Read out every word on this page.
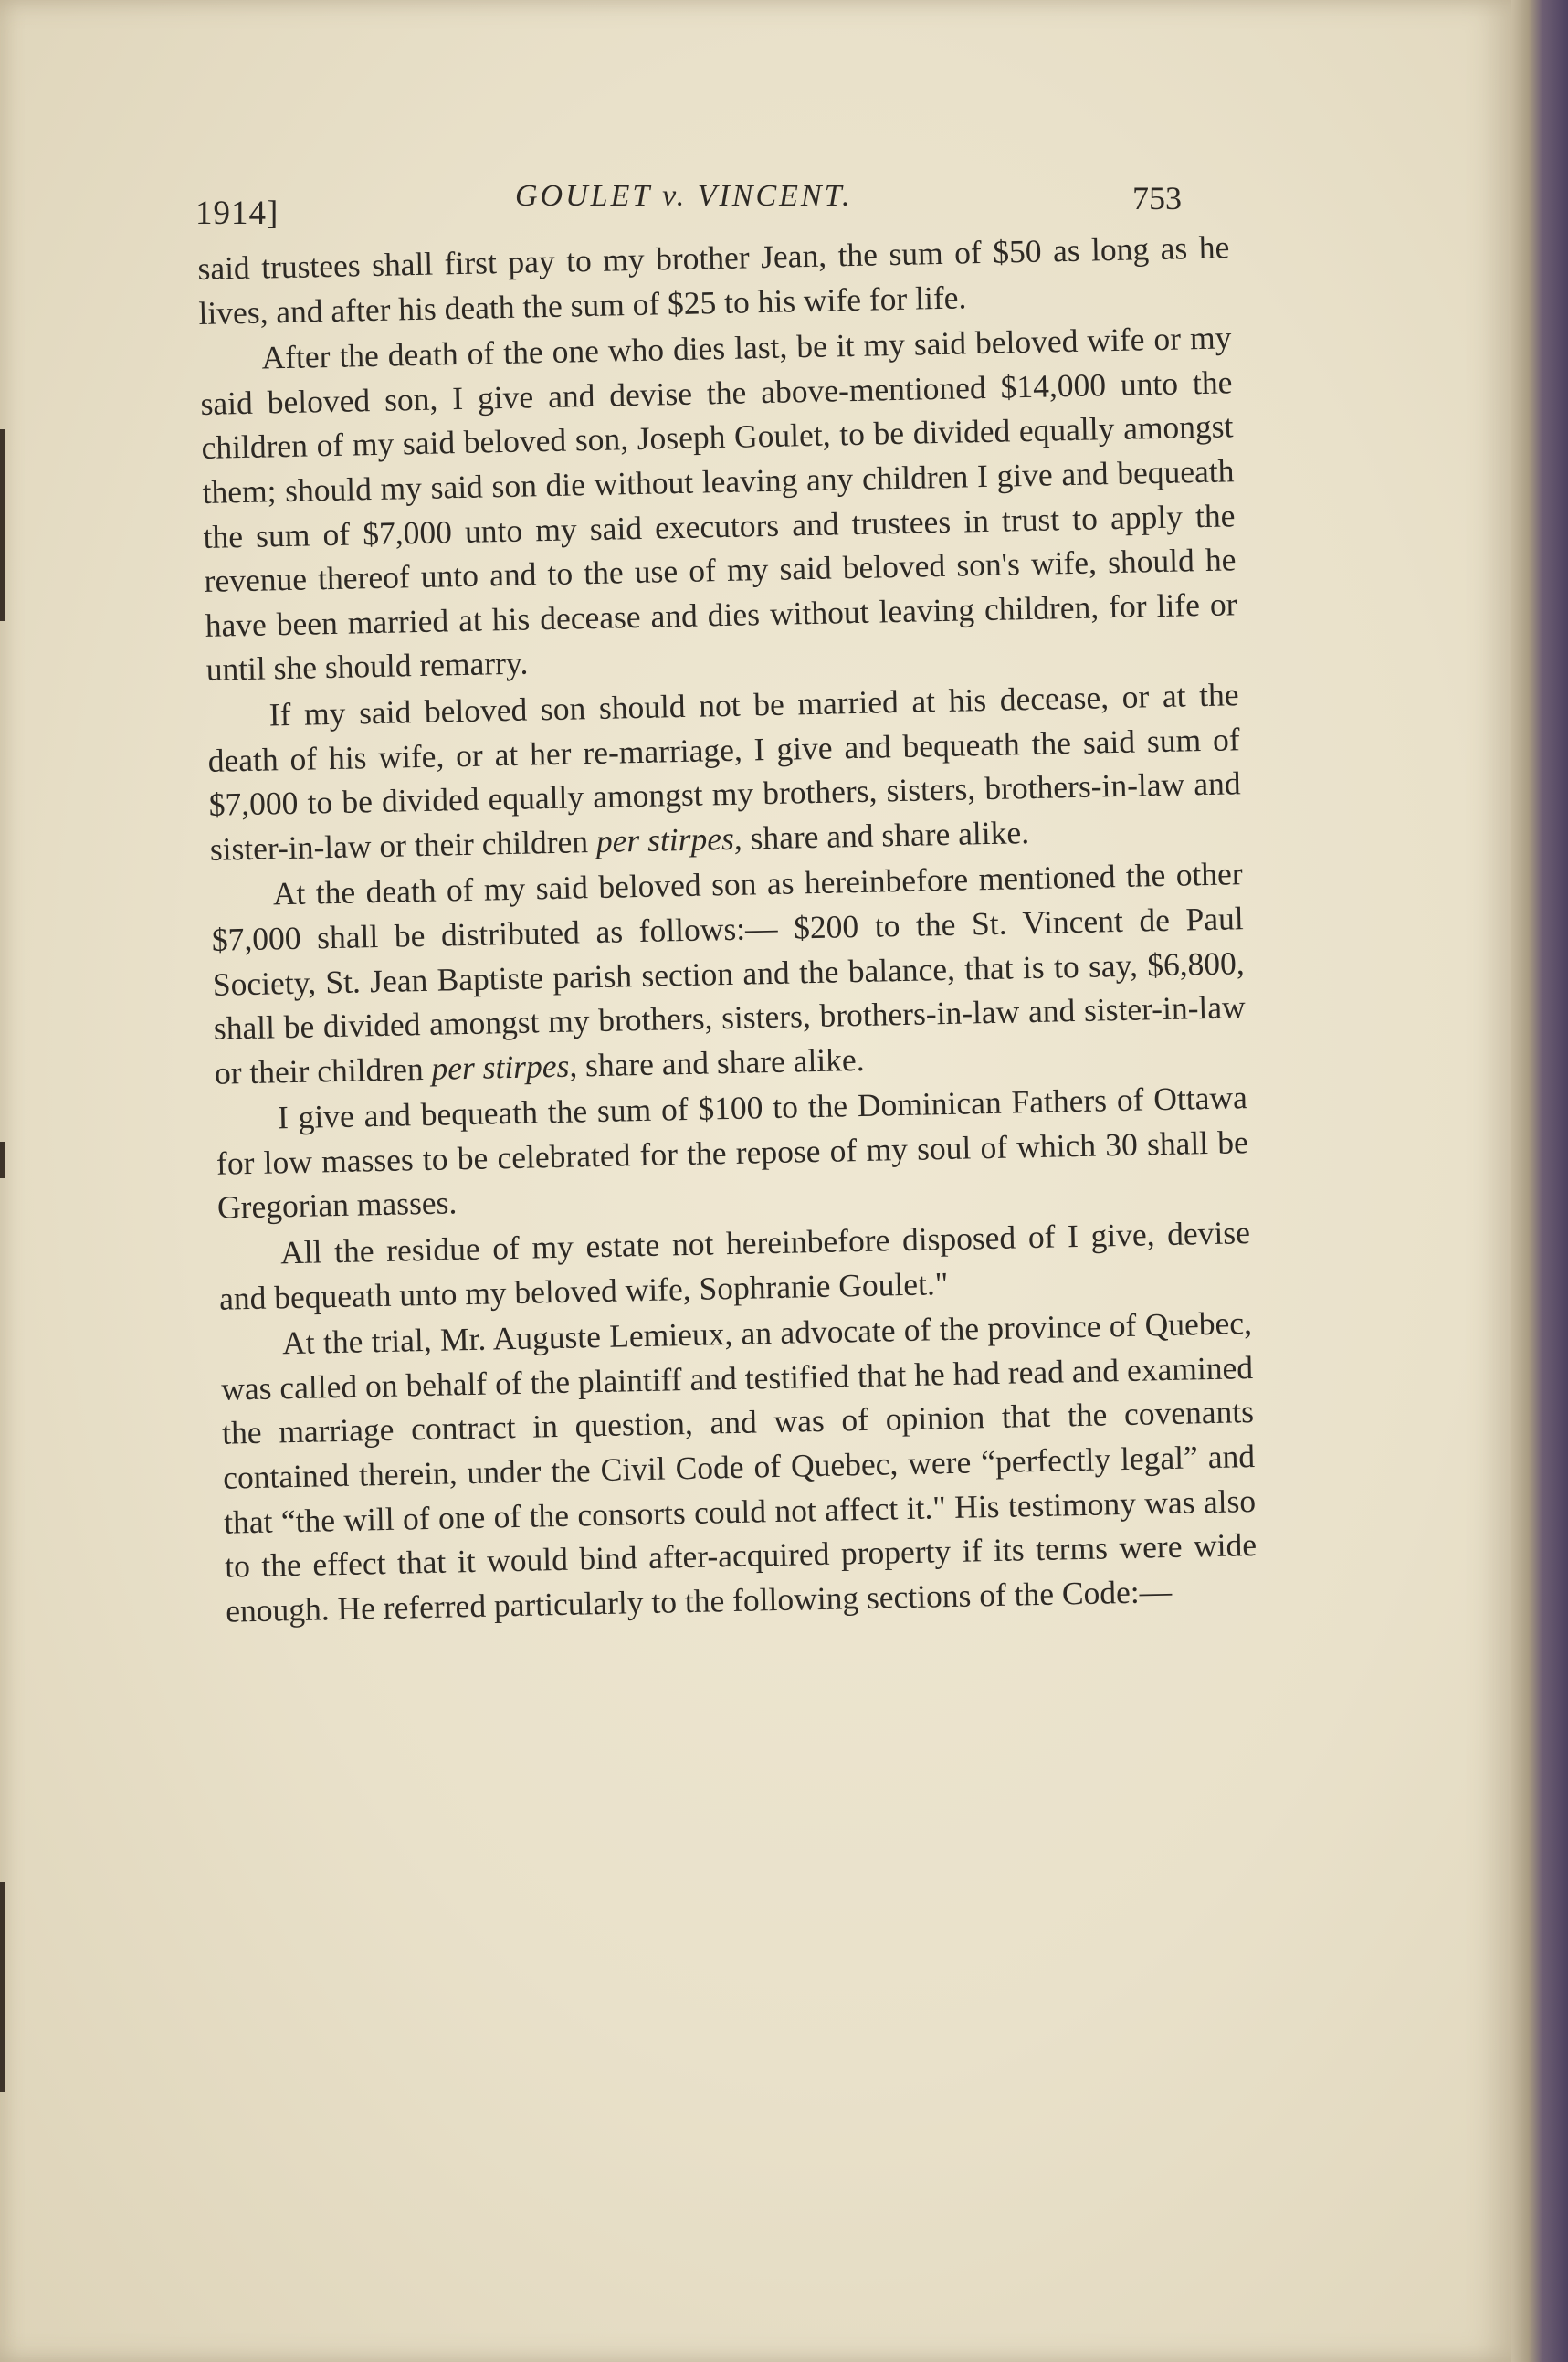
1914]	GOULET v. VINCENT.	753

said trustees shall first pay to my brother Jean, the sum of $50 as long as he lives, and after his death the sum of $25 to his wife for life.

After the death of the one who dies last, be it my said beloved wife or my said beloved son, I give and devise the above-mentioned $14,000 unto the children of my said beloved son, Joseph Goulet, to be divided equally amongst them; should my said son die without leaving any children I give and bequeath the sum of $7,000 unto my said executors and trustees in trust to apply the revenue thereof unto and to the use of my said beloved son's wife, should he have been married at his decease and dies without leaving children, for life or until she should remarry.

If my said beloved son should not be married at his decease, or at the death of his wife, or at her re-marriage, I give and bequeath the said sum of $7,000 to be divided equally amongst my brothers, sisters, brothers-in-law and sister-in-law or their children per stirpes, share and share alike.

At the death of my said beloved son as hereinbefore mentioned the other $7,000 shall be distributed as follows:— $200 to the St. Vincent de Paul Society, St. Jean Baptiste parish section and the balance, that is to say, $6,800, shall be divided amongst my brothers, sisters, brothers-in-law and sister-in-law or their children per stirpes, share and share alike.

I give and bequeath the sum of $100 to the Dominican Fathers of Ottawa for low masses to be celebrated for the repose of my soul of which 30 shall be Gregorian masses.

All the residue of my estate not hereinbefore disposed of I give, devise and bequeath unto my beloved wife, Sophranie Goulet."

At the trial, Mr. Auguste Lemieux, an advocate of the province of Quebec, was called on behalf of the plaintiff and testified that he had read and examined the marriage contract in question, and was of opinion that the covenants contained therein, under the Civil Code of Quebec, were “perfectly legal” and that “the will of one of the consorts could not affect it." His testimony was also to the effect that it would bind after-acquired property if its terms were wide enough. He referred particularly to the following sections of the Code:—
